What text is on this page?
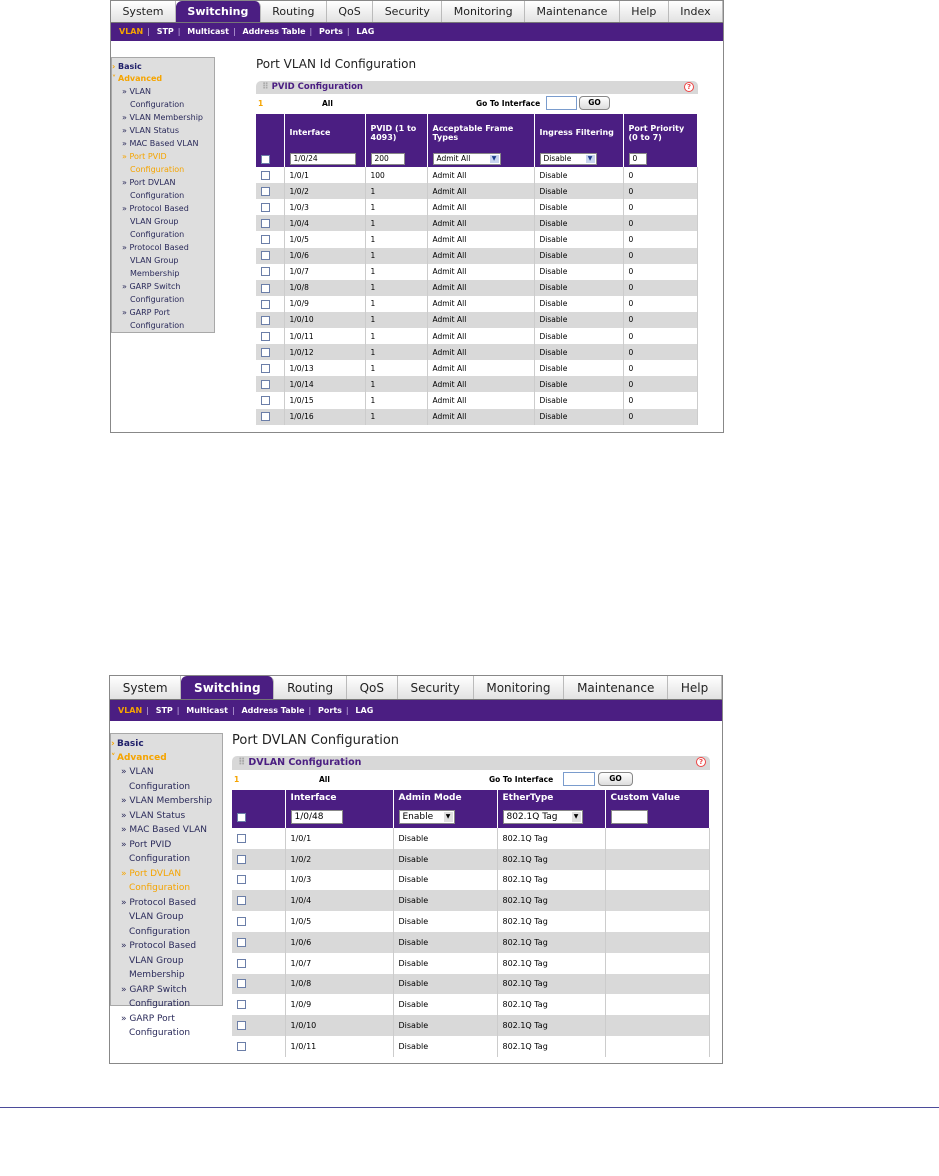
System	Switching	Routing	QoS	Security	Monitoring	Maintenance	Help	Index
VLAN | STP | Multicast | Address Table | Ports | LAG
› Basic
˅ Advanced
» VLAN
Configuration
» VLAN Membership
» VLAN Status
» MAC Based VLAN
» Port PVID
Configuration
» Port DVLAN
Configuration
» Protocol Based
VLAN Group
Configuration
» Protocol Based
VLAN Group
Membership
» GARP Switch
Configuration
» GARP Port
Configuration
Port VLAN Id Configuration
⠿ PVID Configuration	?
1	All	Go To Interface	GO
	Interface	PVID (1 to 4093)	Acceptable Frame Types	Ingress Filtering	Port Priority (0 to 7)
	1/0/24	200	Admit All ▼	Disable ▼	0
	1/0/1	100	Admit All	Disable	0
	1/0/2	1	Admit All	Disable	0
	1/0/3	1	Admit All	Disable	0
	1/0/4	1	Admit All	Disable	0
	1/0/5	1	Admit All	Disable	0
	1/0/6	1	Admit All	Disable	0
	1/0/7	1	Admit All	Disable	0
	1/0/8	1	Admit All	Disable	0
	1/0/9	1	Admit All	Disable	0
	1/0/10	1	Admit All	Disable	0
	1/0/11	1	Admit All	Disable	0
	1/0/12	1	Admit All	Disable	0
	1/0/13	1	Admit All	Disable	0
	1/0/14	1	Admit All	Disable	0
	1/0/15	1	Admit All	Disable	0
	1/0/16	1	Admit All	Disable	0
System	Switching	Routing	QoS	Security	Monitoring	Maintenance	Help
VLAN | STP | Multicast | Address Table | Ports | LAG
› Basic
˅ Advanced
» VLAN
Configuration
» VLAN Membership
» VLAN Status
» MAC Based VLAN
» Port PVID
Configuration
» Port DVLAN
Configuration
» Protocol Based
VLAN Group
Configuration
» Protocol Based
VLAN Group
Membership
» GARP Switch
Configuration
» GARP Port
Configuration
Port DVLAN Configuration
⠿ DVLAN Configuration	?
1	All	Go To Interface	GO
	Interface	Admin Mode	EtherType	Custom Value
	1/0/48	Enable ▼	802.1Q Tag ▼	

	1/0/1	Disable	802.1Q Tag	
	1/0/2	Disable	802.1Q Tag	
	1/0/3	Disable	802.1Q Tag	
	1/0/4	Disable	802.1Q Tag	
	1/0/5	Disable	802.1Q Tag	
	1/0/6	Disable	802.1Q Tag	
	1/0/7	Disable	802.1Q Tag	
	1/0/8	Disable	802.1Q Tag	
	1/0/9	Disable	802.1Q Tag	
	1/0/10	Disable	802.1Q Tag	
	1/0/11	Disable	802.1Q Tag	
